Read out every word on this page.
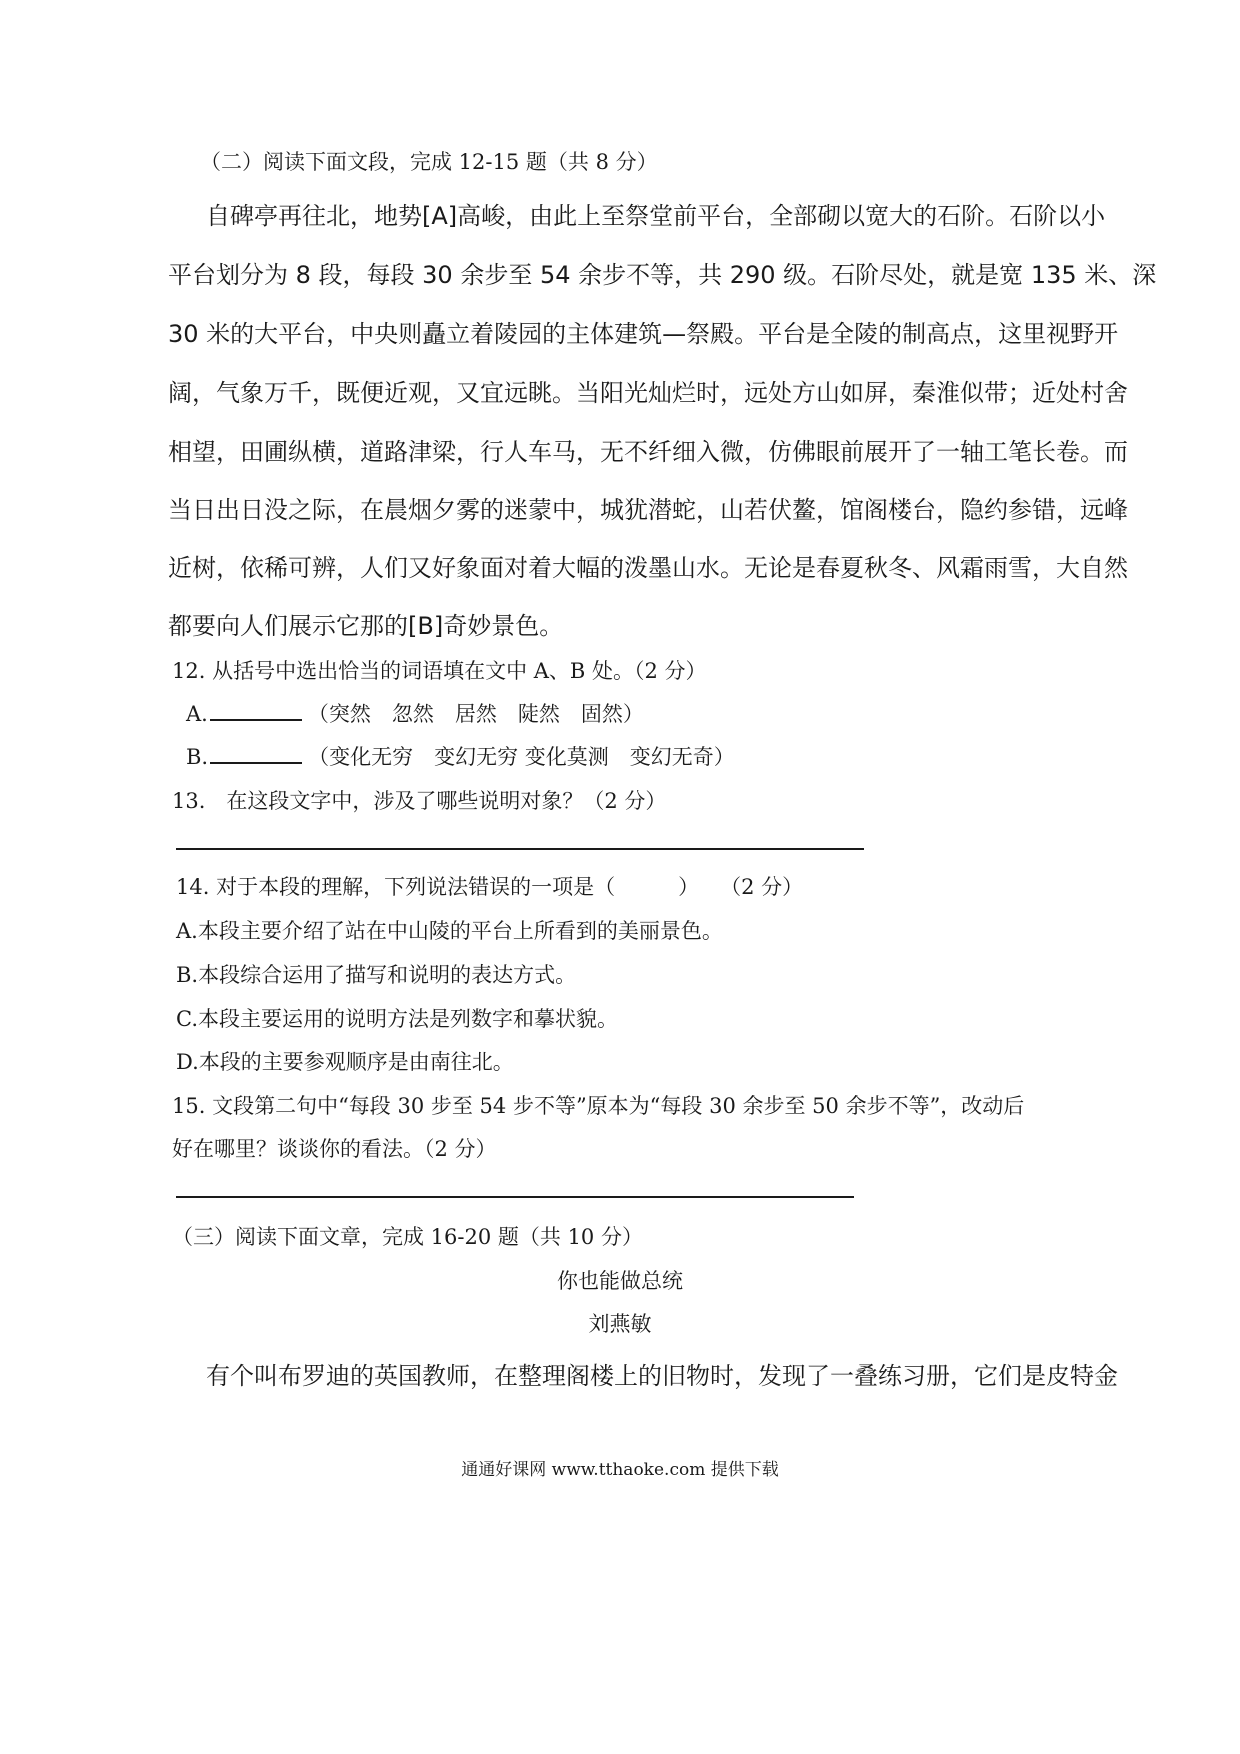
（二）阅读下面文段，完成 12-15 题（共 8 分）
自碑亭再往北，地势[A]高峻，由此上至祭堂前平台，全部砌以宽大的石阶。石阶以小
平台划分为 8 段，每段 30 余步至 54 余步不等，共 290 级。石阶尽处，就是宽 135 米、深
30 米的大平台，中央则矗立着陵园的主体建筑—祭殿。平台是全陵的制高点，这里视野开
阔，气象万千，既便近观，又宜远眺。当阳光灿烂时，远处方山如屏，秦淮似带；近处村舍
相望，田圃纵横，道路津梁，行人车马，无不纤细入微，仿佛眼前展开了一轴工笔长卷。而
当日出日没之际，在晨烟夕雾的迷蒙中，城犹潜蛇，山若伏鳌，馆阁楼台，隐约参错，远峰
近树，依稀可辨，人们又好象面对着大幅的泼墨山水。无论是春夏秋冬、风霜雨雪，大自然
都要向人们展示它那的[B]奇妙景色。
12. 从括号中选出恰当的词语填在文中 A、B 处。（2 分）
A.	（突然　忽然　居然　陡然　固然）
B.	（变化无穷　变幻无穷 变化莫测　变幻无奇）
13.　在这段文字中，涉及了哪些说明对象？（2 分）
14. 对于本段的理解，下列说法错误的一项是（　　　）　　（2 分）
A.本段主要介绍了站在中山陵的平台上所看到的美丽景色。
B.本段综合运用了描写和说明的表达方式。
C.本段主要运用的说明方法是列数字和摹状貌。
D.本段的主要参观顺序是由南往北。
15. 文段第二句中“每段 30 步至 54 步不等”原本为“每段 30 余步至 50 余步不等”，改动后
好在哪里？谈谈你的看法。（2 分）
（三）阅读下面文章，完成 16-20 题（共 10 分）
你也能做总统
刘燕敏
有个叫布罗迪的英国教师，在整理阁楼上的旧物时，发现了一叠练习册，它们是皮特金
通通好课网 www.tthaoke.com 提供下载
